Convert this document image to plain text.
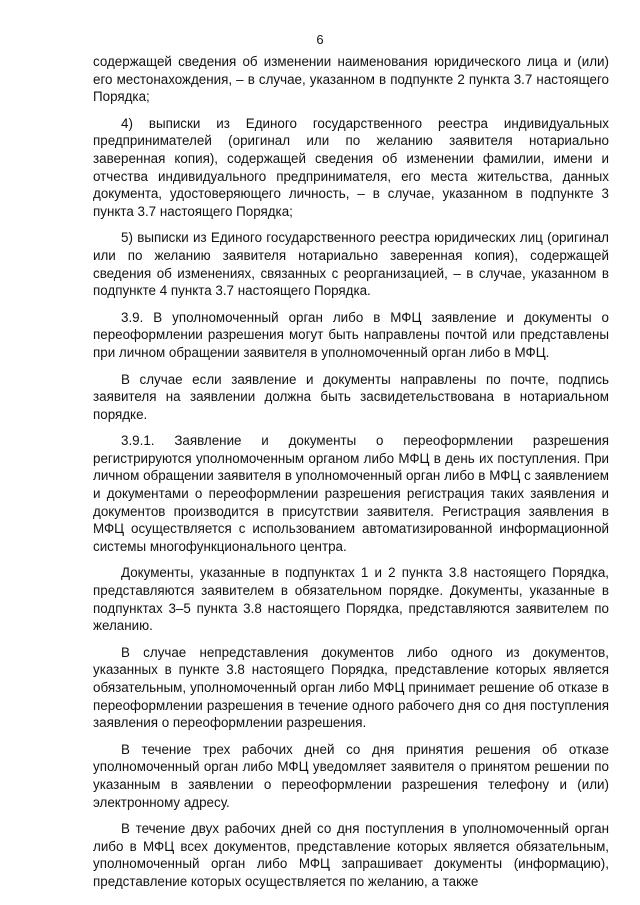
6

содержащей сведения об изменении наименования юридического лица и (или) его местонахождения, – в случае, указанном в подпункте 2 пункта 3.7 настоящего Порядка;

4) выписки из Единого государственного реестра индивидуальных предпринимателей (оригинал или по желанию заявителя нотариально заверенная копия), содержащей сведения об изменении фамилии, имени и отчества индивидуального предпринимателя, его места жительства, данных документа, удостоверяющего личность, – в случае, указанном в подпункте 3 пункта 3.7 настоящего Порядка;

5) выписки из Единого государственного реестра юридических лиц (оригинал или по желанию заявителя нотариально заверенная копия), содержащей сведения об изменениях, связанных с реорганизацией, – в случае, указанном в подпункте 4 пункта 3.7 настоящего Порядка.

3.9. В уполномоченный орган либо в МФЦ заявление и документы о переоформлении разрешения могут быть направлены почтой или представлены при личном обращении заявителя в уполномоченный орган либо в МФЦ.

В случае если заявление и документы направлены по почте, подпись заявителя на заявлении должна быть засвидетельствована в нотариальном порядке.

3.9.1. Заявление и документы о переоформлении разрешения регистрируются уполномоченным органом либо МФЦ в день их поступления. При личном обращении заявителя в уполномоченный орган либо в МФЦ с заявлением и документами о переоформлении разрешения регистрация таких заявления и документов производится в присутствии заявителя. Регистрация заявления в МФЦ осуществляется с использованием автоматизированной информационной системы многофункционального центра.

Документы, указанные в подпунктах 1 и 2 пункта 3.8 настоящего Порядка, представляются заявителем в обязательном порядке. Документы, указанные в подпунктах 3–5 пункта 3.8 настоящего Порядка, представляются заявителем по желанию.

В случае непредставления документов либо одного из документов, указанных в пункте 3.8 настоящего Порядка, представление которых является обязательным, уполномоченный орган либо МФЦ принимает решение об отказе в переоформлении разрешения в течение одного рабочего дня со дня поступления заявления о переоформлении разрешения.

В течение трех рабочих дней со дня принятия решения об отказе уполномоченный орган либо МФЦ уведомляет заявителя о принятом решении по указанным в заявлении о переоформлении разрешения телефону и (или) электронному адресу.

В течение двух рабочих дней со дня поступления в уполномоченный орган либо в МФЦ всех документов, представление которых является обязательным, уполномоченный орган либо МФЦ запрашивает документы (информацию), представление которых осуществляется по желанию, а также
